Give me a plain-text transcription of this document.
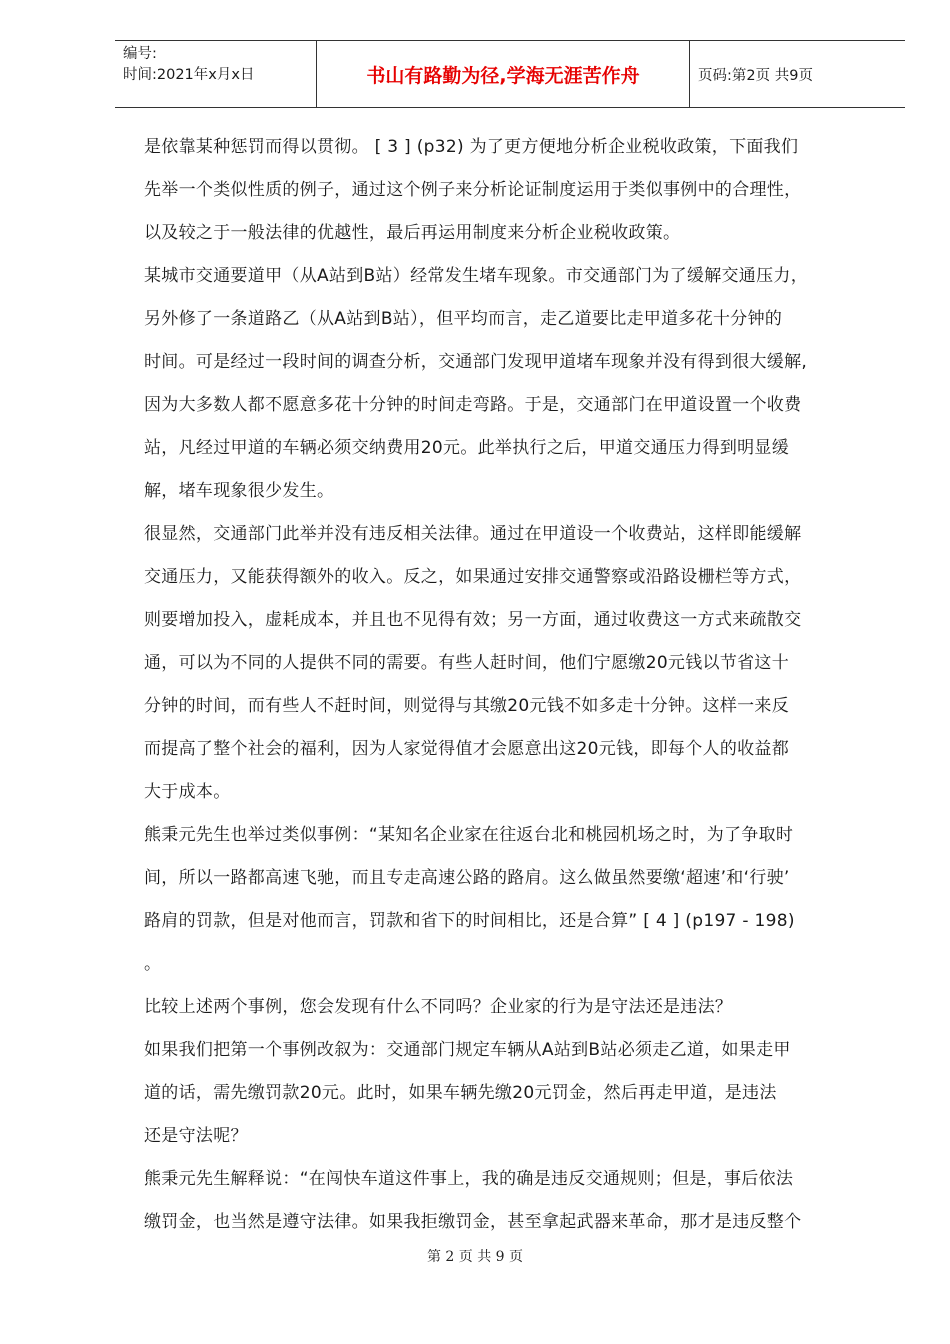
编号:
时间:2021年x月x日	书山有路勤为径,学海无涯苦作舟	页码:第2页 共9页
是依靠某种惩罚而得以贯彻。 [ 3 ] (p32) 为了更方便地分析企业税收政策，下面我们
先举一个类似性质的例子，通过这个例子来分析论证制度运用于类似事例中的合理性，
以及较之于一般法律的优越性，最后再运用制度来分析企业税收政策。
某城市交通要道甲（从A站到B站）经常发生堵车现象。市交通部门为了缓解交通压力，
另外修了一条道路乙（从A站到B站），但平均而言，走乙道要比走甲道多花十分钟的
时间。可是经过一段时间的调查分析，交通部门发现甲道堵车现象并没有得到很大缓解,
因为大多数人都不愿意多花十分钟的时间走弯路。于是，交通部门在甲道设置一个收费
站，凡经过甲道的车辆必须交纳费用20元。此举执行之后，甲道交通压力得到明显缓
解，堵车现象很少发生。
很显然，交通部门此举并没有违反相关法律。通过在甲道设一个收费站，这样即能缓解
交通压力，又能获得额外的收入。反之，如果通过安排交通警察或沿路设栅栏等方式，
则要增加投入，虚耗成本，并且也不见得有效；另一方面，通过收费这一方式来疏散交
通，可以为不同的人提供不同的需要。有些人赶时间，他们宁愿缴20元钱以节省这十
分钟的时间，而有些人不赶时间，则觉得与其缴20元钱不如多走十分钟。这样一来反
而提高了整个社会的福利，因为人家觉得值才会愿意出这20元钱，即每个人的收益都
大于成本。
熊秉元先生也举过类似事例：“某知名企业家在往返台北和桃园机场之时，为了争取时
间，所以一路都高速飞驰，而且专走高速公路的路肩。这么做虽然要缴‘超速’和‘行驶’
路肩的罚款，但是对他而言，罚款和省下的时间相比，还是合算” [ 4 ] (p197 - 198)
。
比较上述两个事例，您会发现有什么不同吗？企业家的行为是守法还是违法？
如果我们把第一个事例改叙为：交通部门规定车辆从A站到B站必须走乙道，如果走甲
道的话，需先缴罚款20元。此时，如果车辆先缴20元罚金，然后再走甲道，是违法
还是守法呢？
熊秉元先生解释说：“在闯快车道这件事上，我的确是违反交通规则；但是，事后依法
缴罚金，也当然是遵守法律。如果我拒缴罚金，甚至拿起武器来革命，那才是违反整个
第 2 页 共 9 页
